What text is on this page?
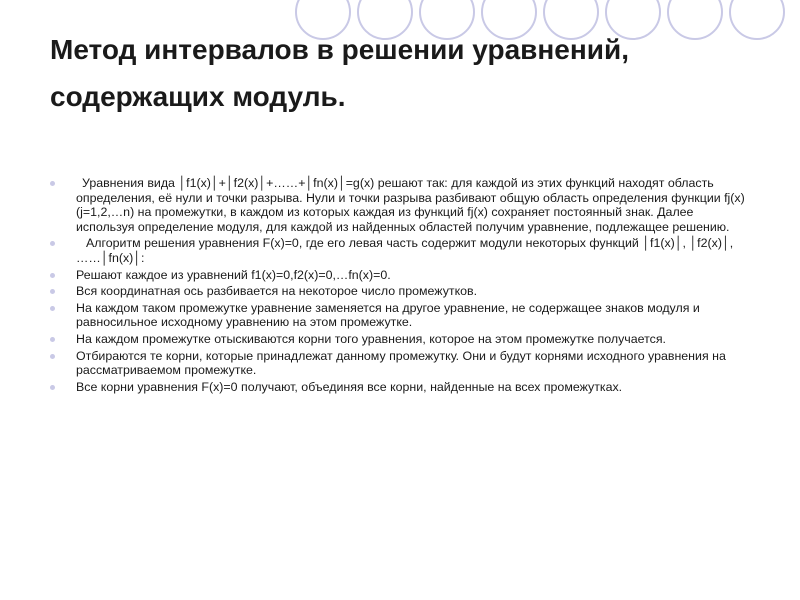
Метод интервалов в решении уравнений,
содержащих модуль.
Уравнения вида │f1(x)│+│f2(x)│+……+│fn(x)│=g(x) решают так: для каждой из этих функций находят область определения, её нули и точки разрыва. Нули и точки разрыва разбивают общую область определения функции fj(x) (j=1,2,…n) на промежутки, в каждом из которых каждая из функций fj(x) сохраняет постоянный знак. Далее используя определение модуля, для каждой из найденных областей получим уравнение, подлежащее решению.
Алгоритм решения уравнения F(x)=0, где его левая часть содержит модули некоторых функций │f1(x)│, │f2(x)│, ……│fn(x)│:
Решают каждое из уравнений f1(x)=0,f2(x)=0,…fn(x)=0.
Вся координатная ось разбивается на некоторое число промежутков.
На каждом таком промежутке уравнение заменяется на другое уравнение, не содержащее знаков модуля и равносильное исходному уравнению на этом промежутке.
На каждом промежутке отыскиваются корни того уравнения, которое на этом промежутке получается.
Отбираются те корни, которые принадлежат данному промежутку. Они и будут корнями исходного уравнения на рассматриваемом промежутке.
Все корни уравнения F(x)=0 получают, объединяя все корни, найденные на всех промежутках.
